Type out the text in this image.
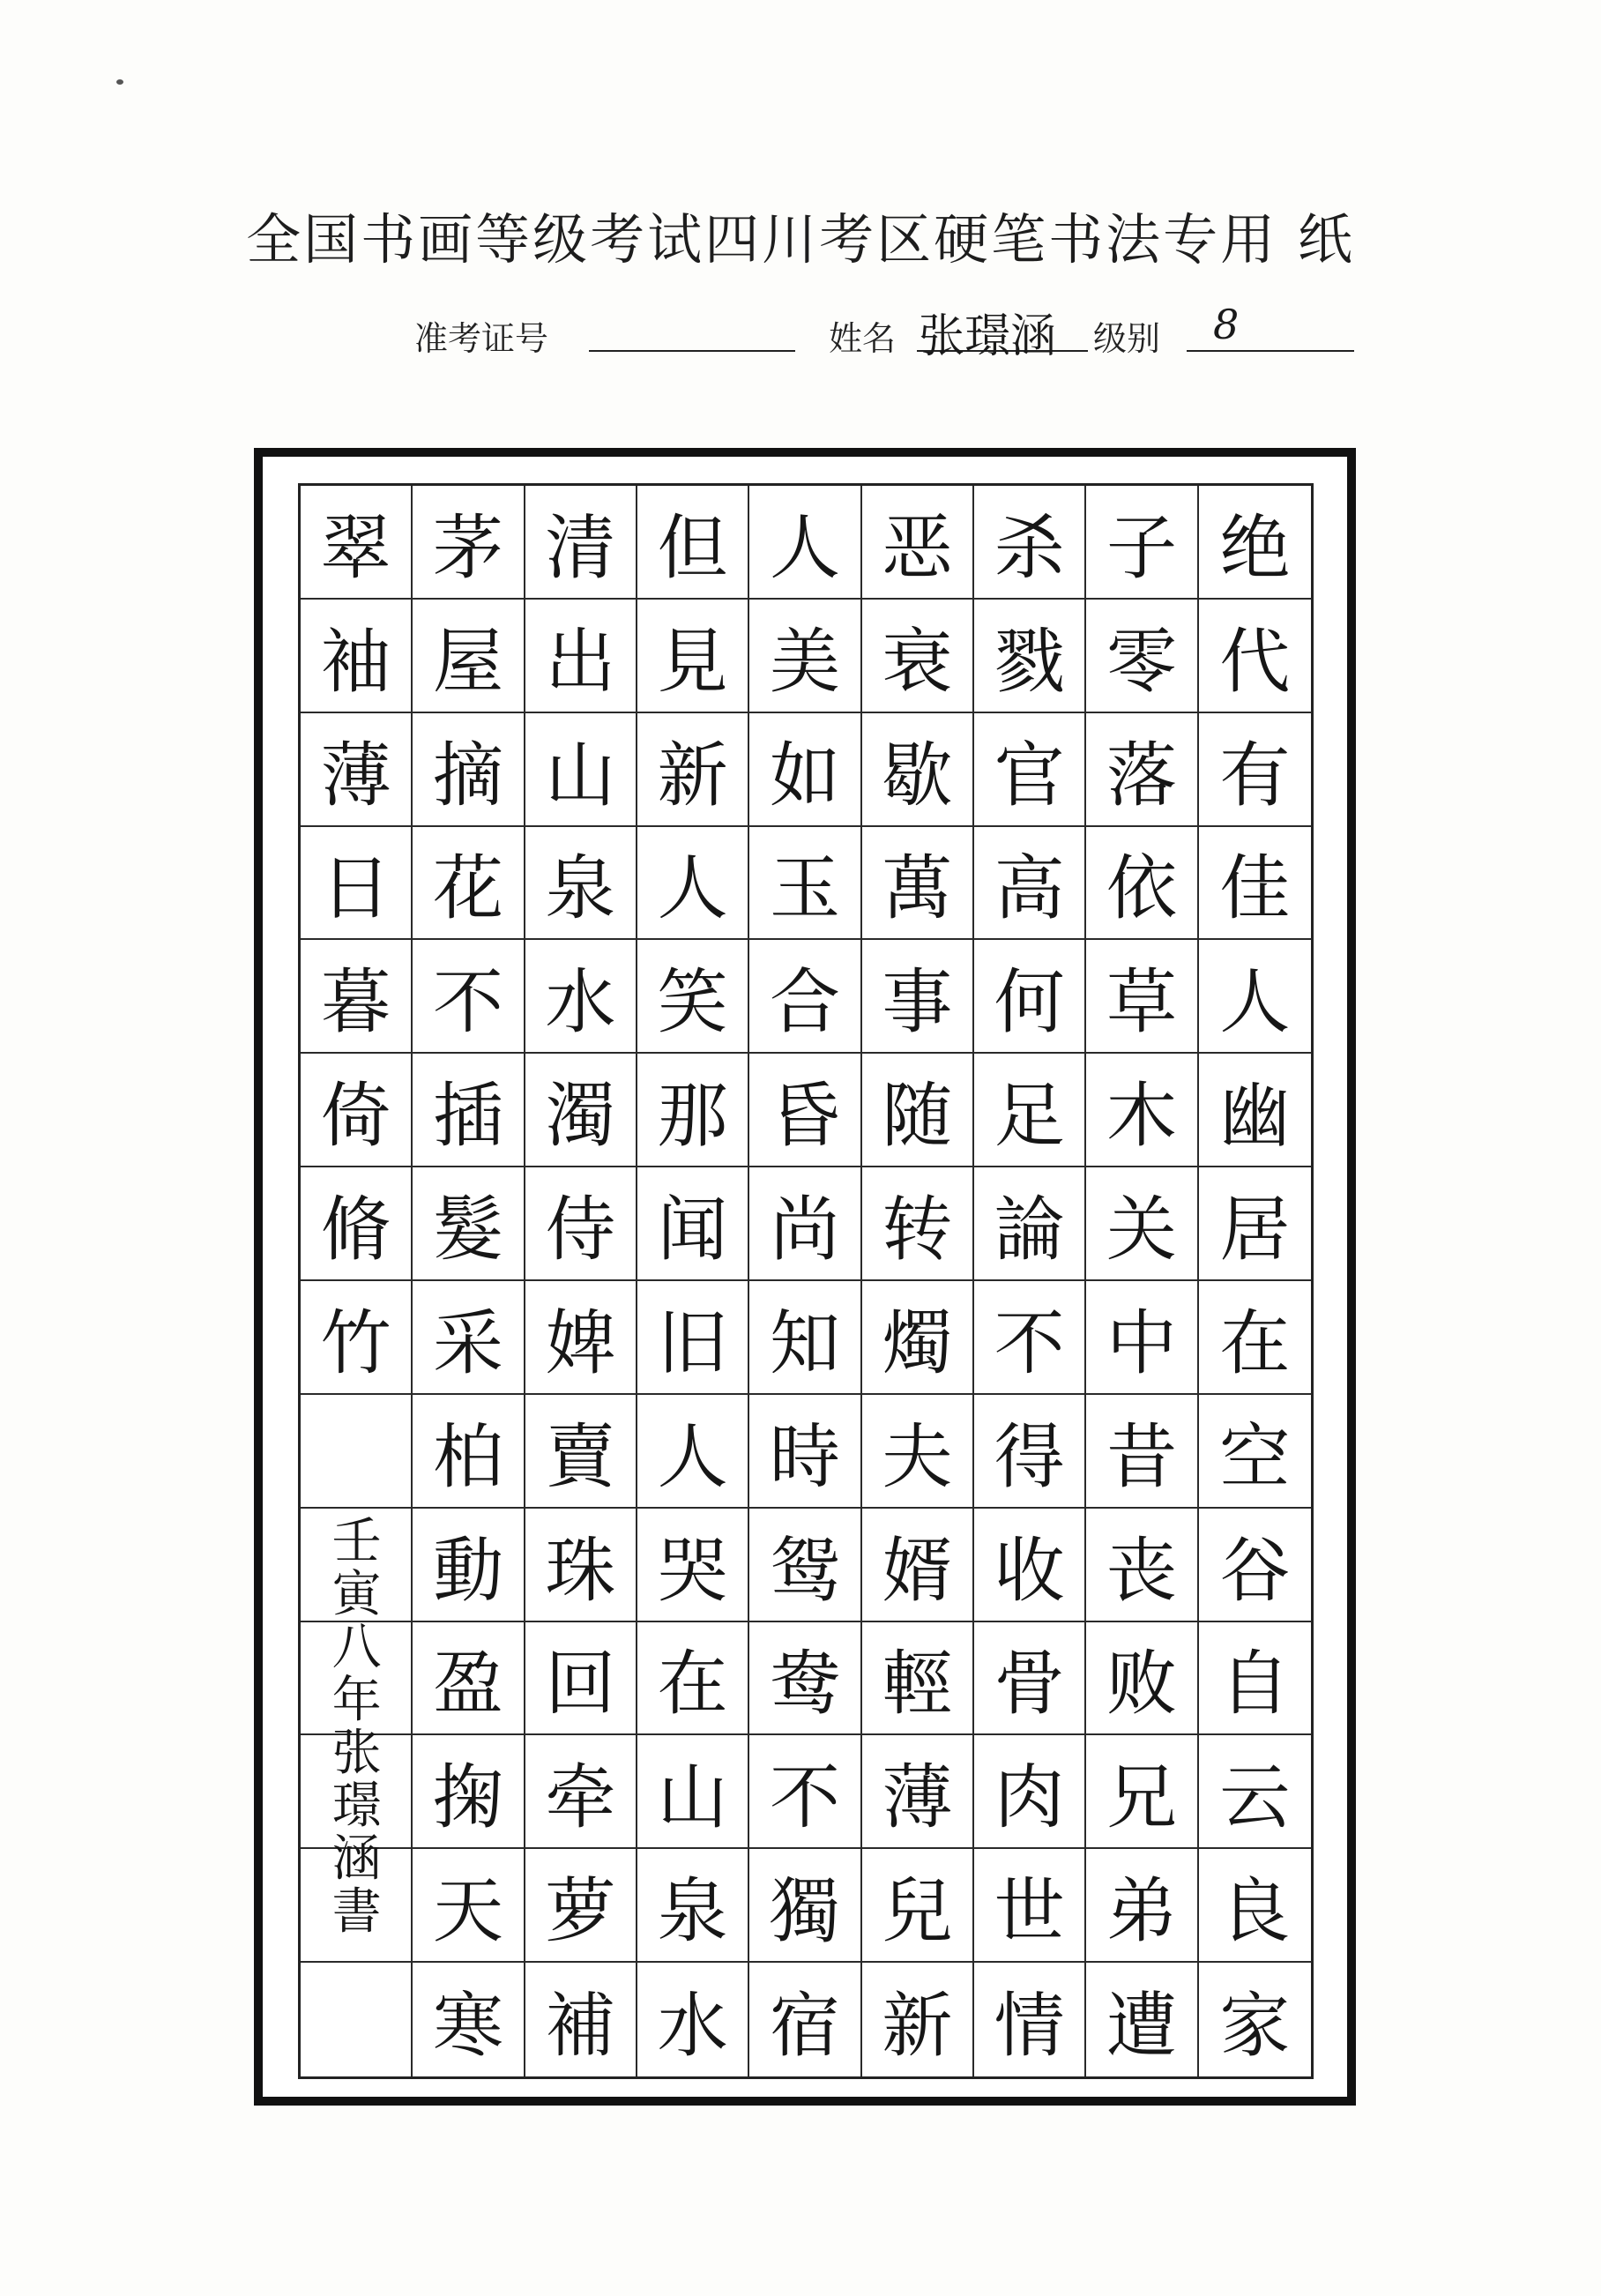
全国书画等级考试四川考区硬笔书法专用 纸
准考证号	姓名 张璟涵 级别 8
翠 茅 清 但 人 恶 杀 子 绝
袖 屋 出 見 美 衰 戮 零 代
薄 摘 山 新 如 歇 官 落 有
日 花 泉 人 玉 萬 高 依 佳
暮 不 水 笑 合 事 何 草 人
倚 插 濁 那 昏 随 足 木 幽
脩 髮 侍 闻 尚 转 論 关 居
竹 采 婢 旧 知 燭 不 中 在
柏 賣 人 時 夫 得 昔 空
動 珠 哭 鸳 婿 收 丧 谷
盈 回 在 鸯 輕 骨 败 自
掬 牵 山 不 薄 肉 兄 云
天 萝 泉 獨 兒 世 弟 良
寒 補 水 宿 新 情 遭 家
壬
寅
八
年
张
璟
涵
書
